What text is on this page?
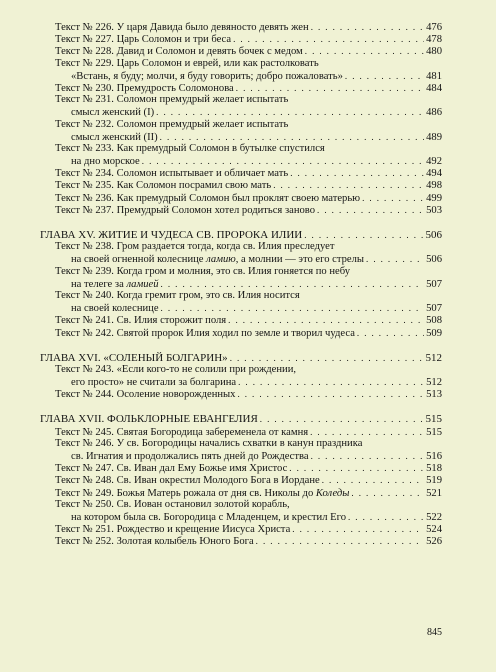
Текст № 226. У царя Давида было девяносто девять жен . . .	476
Текст № 227. Царь Соломон и три беса . . .	478
Текст № 228. Давид и Соломон и девять бочек с медом . . .	480
Текст № 229. Царь Соломон и еврей, или как растолковать
«Встань, я буду; молчи, я буду говорить; добро пожаловать» . . .	481
Текст № 230. Премудрость Соломонова . . .	484
Текст № 231. Соломон премудрый желает испытать
смысл женский (I) . . .	486
Текст № 232. Соломон премудрый желает испытать
смысл женский (II) . . .	489
Текст № 233. Как премудрый Соломон в бутылке спустился
на дно морское . . .	492
Текст № 234. Соломон испытывает и обличает мать . . .	494
Текст № 235. Как Соломон посрамил свою мать . . .	498
Текст № 236. Как премудрый Соломон был проклят своею матерью . . .	499
Текст № 237. Премудрый Соломон хотел родиться заново . . .	503
ГЛАВА XV. ЖИТИЕ И ЧУДЕСА СВ. ПРОРОКА ИЛИИ . . .	506
Текст № 238. Гром раздается тогда, когда св. Илия преследует
на своей огненной колеснице ламию, а молнии — это его стрелы . . .	506
Текст № 239. Когда гром и молния, это св. Илия гоняется по небу
на телеге за ламией . . .	507
Текст № 240. Когда гремит гром, это св. Илия носится
на своей колеснице . . .	507
Текст № 241. Св. Илия сторожит поля . . .	508
Текст № 242. Святой пророк Илия ходил по земле и творил чудеса . . .	509
ГЛАВА XVI. «СОЛЕНЫЙ БОЛГАРИН» . . .	512
Текст № 243. «Если кого-то не солили при рождении,
его просто» не считали за болгарина . . .	512
Текст № 244. Осоление новорожденных . . .	513
ГЛАВА XVII. ФОЛЬКЛОРНЫЕ ЕВАНГЕЛИЯ . . .	515
Текст № 245. Святая Богородица забеременела от камня . . .	515
Текст № 246. У св. Богородицы начались схватки в канун праздника
св. Игнатия и продолжались пять дней до Рождества . . .	516
Текст № 247. Св. Иван дал Ему Божье имя Христос . . .	518
Текст № 248. Св. Иван окрестил Молодого Бога в Иордане . . .	519
Текст № 249. Божья Матерь рожала от дня св. Николы до Коледы . . .	521
Текст № 250. Св. Иован остановил золотой корабль,
на котором была св. Богородица с Младенцем, и крестил Его . . .	522
Текст № 251. Рождество и крещение Иисуса Христа . . .	524
Текст № 252. Золотая колыбель Юного Бога . . .	526
845
